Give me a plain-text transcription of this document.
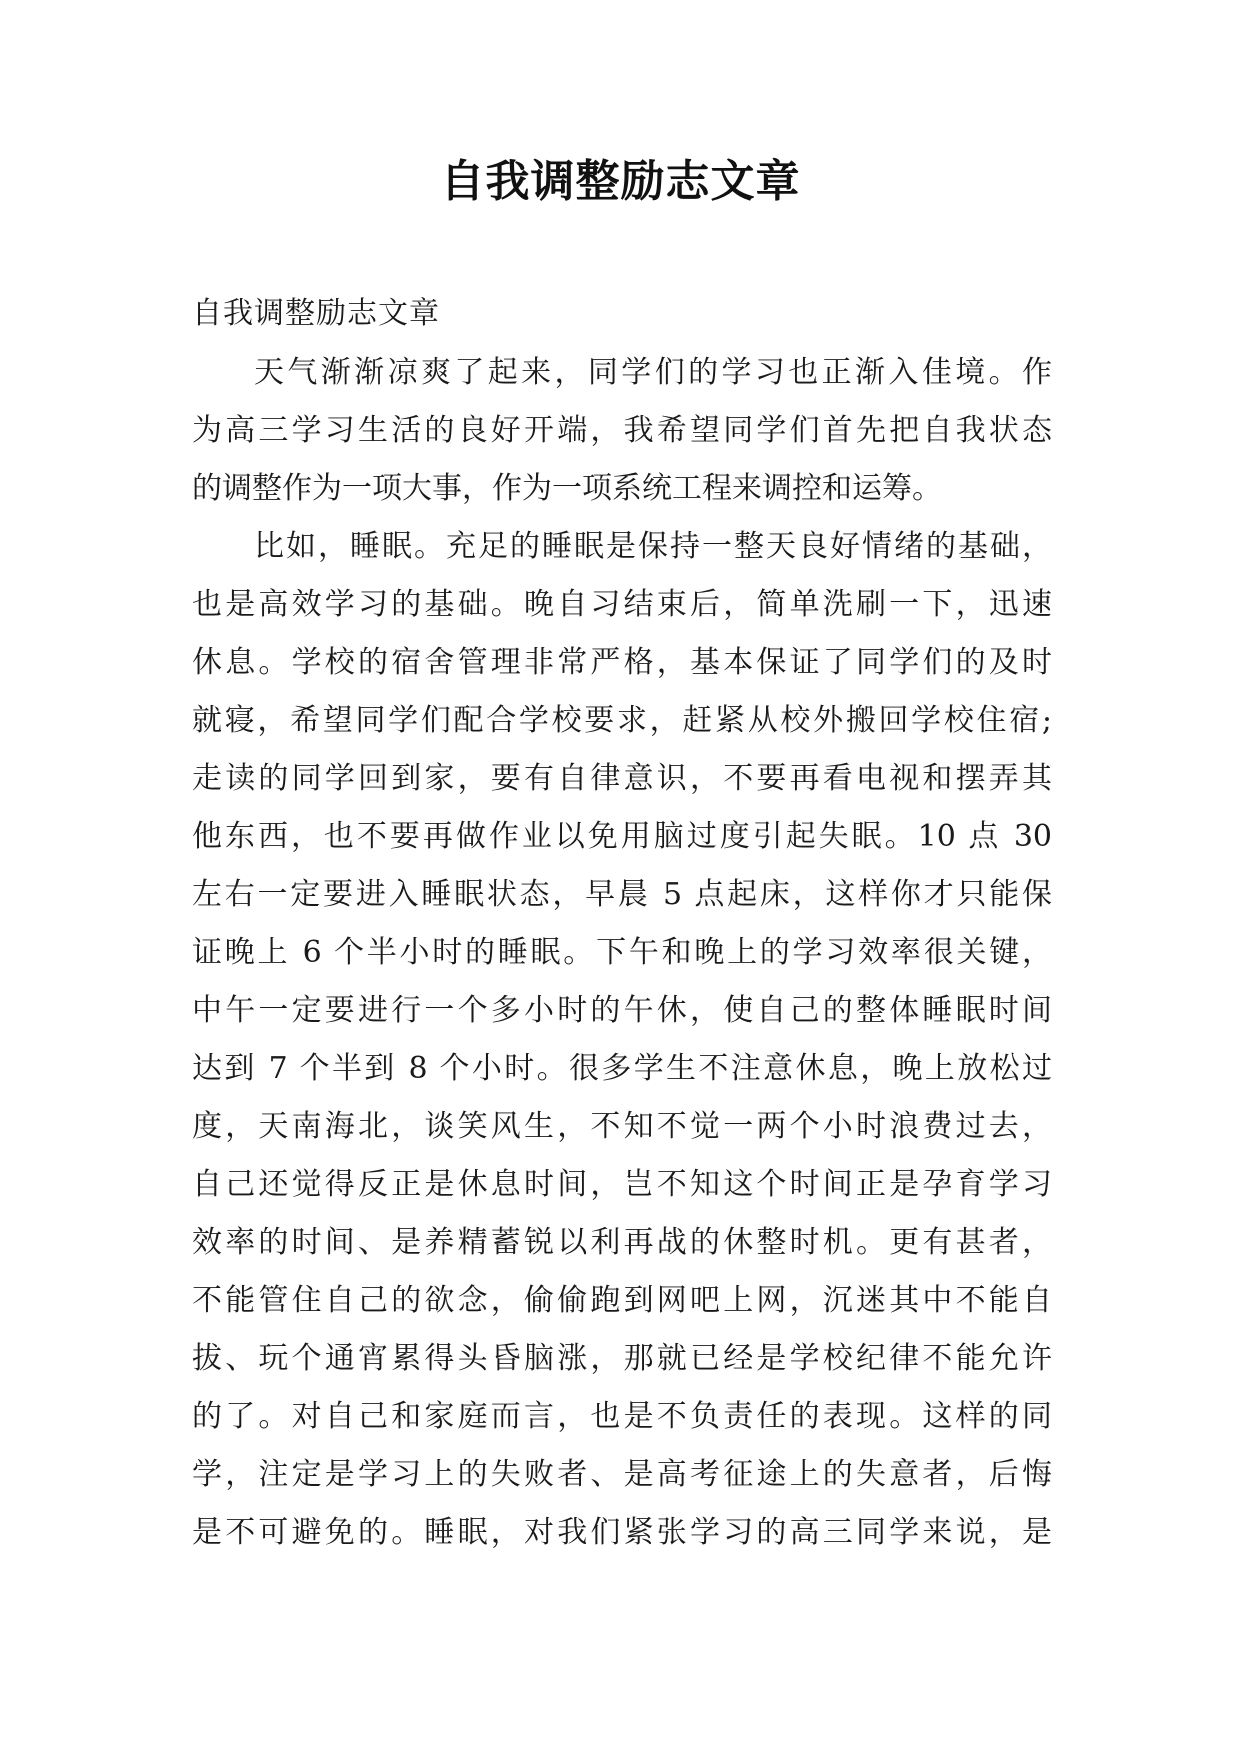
自我调整励志文章

自我调整励志文章

天气渐渐凉爽了起来，同学们的学习也正渐入佳境。作
为高三学习生活的良好开端，我希望同学们首先把自我状态
的调整作为一项大事，作为一项系统工程来调控和运筹。
比如，睡眠。充足的睡眠是保持一整天良好情绪的基础，
也是高效学习的基础。晚自习结束后，简单洗刷一下，迅速
休息。学校的宿舍管理非常严格，基本保证了同学们的及时
就寝，希望同学们配合学校要求，赶紧从校外搬回学校住宿;
走读的同学回到家，要有自律意识，不要再看电视和摆弄其
他东西，也不要再做作业以免用脑过度引起失眠。10 点 30
左右一定要进入睡眠状态，早晨 5 点起床，这样你才只能保
证晚上 6 个半小时的睡眠。下午和晚上的学习效率很关键，
中午一定要进行一个多小时的午休，使自己的整体睡眠时间
达到 7 个半到 8 个小时。很多学生不注意休息，晚上放松过
度，天南海北，谈笑风生，不知不觉一两个小时浪费过去，
自己还觉得反正是休息时间，岂不知这个时间正是孕育学习
效率的时间、是养精蓄锐以利再战的休整时机。更有甚者，
不能管住自己的欲念，偷偷跑到网吧上网，沉迷其中不能自
拔、玩个通宵累得头昏脑涨，那就已经是学校纪律不能允许
的了。对自己和家庭而言，也是不负责任的表现。这样的同
学，注定是学习上的失败者、是高考征途上的失意者，后悔
是不可避免的。睡眠，对我们紧张学习的高三同学来说，是
